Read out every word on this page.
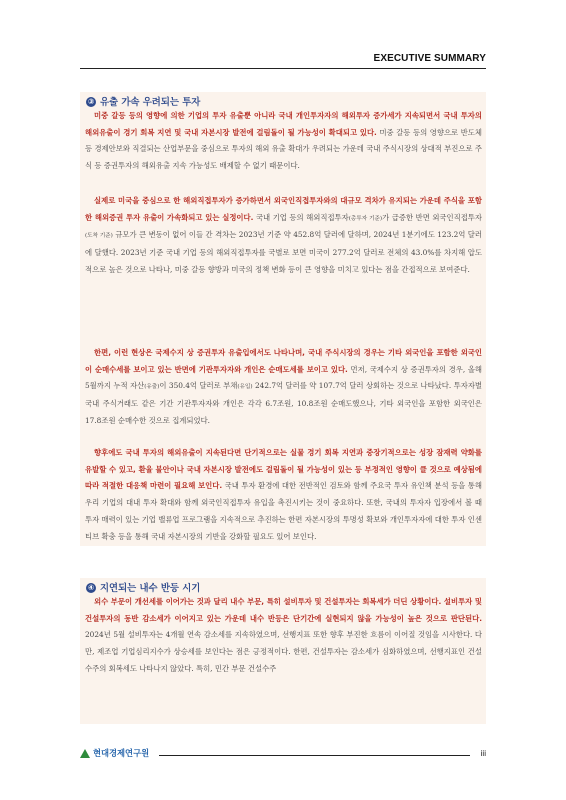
EXECUTIVE SUMMARY
③ 유출 가속 우려되는 투자

미중 갈등 등의 영향에 의한 기업의 투자 유출뿐 아니라 국내 개인투자자의 해외투자 증가세가 지속되면서 국내 투자의 해외유출이 경기 회복 지연 및 국내 자본시장 발전에 걸림돌이 될 가능성이 확대되고 있다. 미중 갈등 등의 영향으로 반도체 등 경제안보와 직결되는 산업부문을 중심으로 투자의 해외 유출 확대가 우려되는 가운데 국내 주식시장의 상대적 부진으로 주식 등 증권투자의 해외유출 지속 가능성도 배제할 수 없기 때문이다.

실제로 미국을 중심으로 한 해외직접투자가 증가하면서 외국인직접투자와의 대규모 격차가 유지되는 가운데 주식을 포함한 해외증권 투자 유출이 가속화되고 있는 실정이다. 국내 기업 등의 해외직접투자(총투자 기준)가 급증한 반면 외국인직접투자(도착 기준) 규모가 큰 변동이 없어 이들 간 격차는 2023년 기준 약 452.8억 달러에 달하며, 2024년 1분기에도 123.2억 달러에 달했다. 2023년 기준 국내 기업 등의 해외직접투자를 국별로 보면 미국이 277.2억 달러로 전체의 43.0%를 차지해 압도적으로 높은 것으로 나타나, 미중 갈등 향방과 미국의 정책 변화 등이 큰 영향을 미치고 있다는 점을 간접적으로 보여준다.

한편, 이런 현상은 국제수지 상 증권투자 유출입에서도 나타나며, 국내 주식시장의 경우는 기타 외국인을 포함한 외국인이 순매수세를 보이고 있는 반면에 기관투자자와 개인은 순매도세를 보이고 있다. 먼저, 국제수지 상 증권투자의 경우, 올해 5월까지 누적 자산(유출)이 350.4억 달러로 부채(유입) 242.7억 달러를 약 107.7억 달러 상회하는 것으로 나타났다. 투자자별 국내 주식거래도 같은 기간 기관투자자와 개인은 각각 6.7조원, 10.8조원 순매도했으나, 기타 외국인을 포함한 외국인은 17.8조원 순매수한 것으로 집계되었다.

향후에도 국내 투자의 해외유출이 지속된다면 단기적으로는 실물 경기 회복 지연과 중장기적으로는 성장 잠재력 약화를 유발할 수 있고, 환율 불안이나 국내 자본시장 발전에도 걸림돌이 될 가능성이 있는 등 부정적인 영향이 클 것으로 예상됨에 따라 적절한 대응책 마련이 필요해 보인다. 국내 투자 환경에 대한 전반적인 검토와 함께 주요국 투자 유인책 분석 등을 통해 우리 기업의 대내 투자 확대와 함께 외국인직접투자 유입을 촉진시키는 것이 중요하다. 또한, 국내의 투자자 입장에서 볼 때 투자 매력이 있는 기업 밸류업 프로그램을 지속적으로 추진하는 한편 자본시장의 투명성 확보와 개인투자자에 대한 투자 인센티브 확충 등을 통해 국내 자본시장의 기반을 강화할 필요도 있어 보인다.

④ 지연되는 내수 반등 시기

외수 부문이 개선세를 이어가는 것과 달리 내수 부문, 특히 설비투자 및 건설투자는 회복세가 더딘 상황이다. 설비투자 및 건설투자의 동반 감소세가 이어지고 있는 가운데 내수 반등은 단기간에 실현되지 않을 가능성이 높은 것으로 판단된다. 2024년 5월 설비투자는 4개월 연속 감소세를 지속하였으며, 선행지표 또한 향후 부진한 흐름이 이어질 것임을 시사한다. 다만, 제조업 기업심리지수가 상승세를 보인다는 점은 긍정적이다. 한편, 건설투자는 감소세가 심화하였으며, 선행지표인 건설수주의 회복세도 나타나지 않았다. 특히, 민간 부문 건설수주

현대경제연구원	iii
